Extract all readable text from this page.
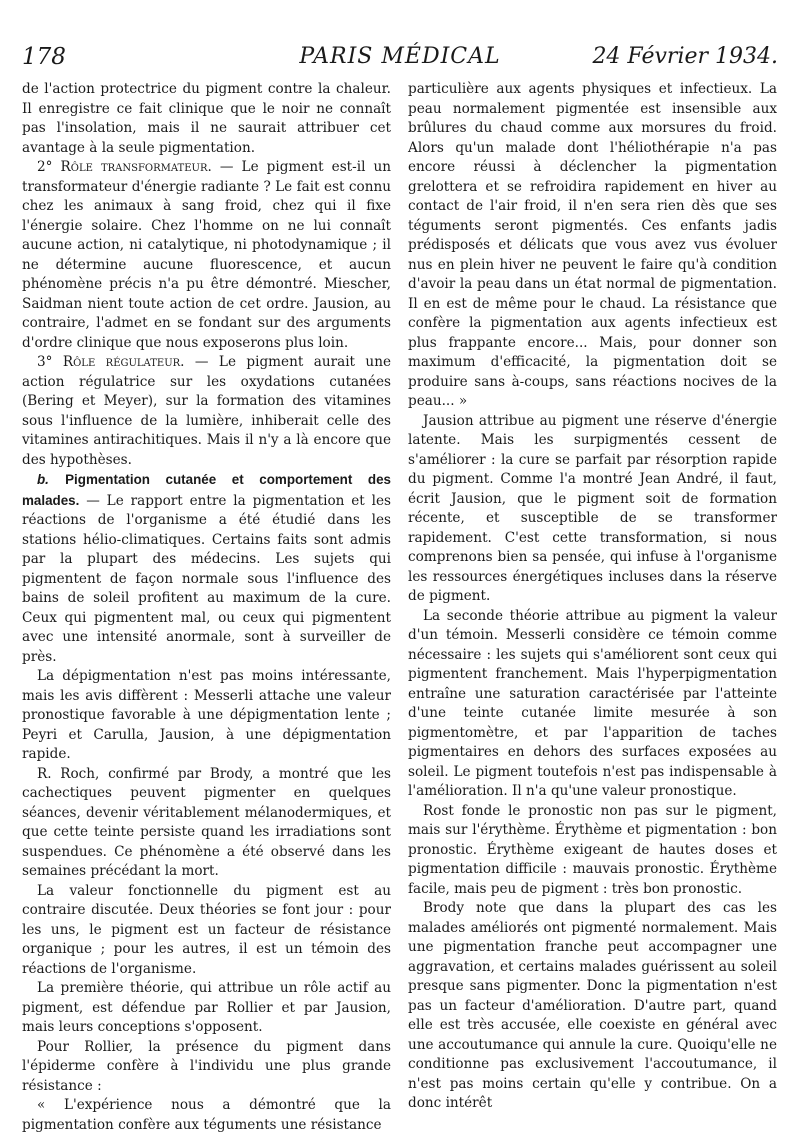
178	PARIS MÉDICAL	24 Février 1934.

de l'action protectrice du pigment contre la chaleur. Il enregistre ce fait clinique que le noir ne connaît pas l'insolation, mais il ne saurait attribuer cet avantage à la seule pigmentation.

2° Rôle transformateur. — Le pigment est-il un transformateur d'énergie radiante ? Le fait est connu chez les animaux à sang froid, chez qui il fixe l'énergie solaire. Chez l'homme on ne lui connaît aucune action, ni catalytique, ni photodynamique ; il ne détermine aucune fluorescence, et aucun phénomène précis n'a pu être démontré. Miescher, Saidman nient toute action de cet ordre. Jausion, au contraire, l'admet en se fondant sur des arguments d'ordre clinique que nous exposerons plus loin.

3° Rôle régulateur. — Le pigment aurait une action régulatrice sur les oxydations cutanées (Bering et Meyer), sur la formation des vitamines sous l'influence de la lumière, inhiberait celle des vitamines antirachitiques. Mais il n'y a là encore que des hypothèses.

b. Pigmentation cutanée et comportement des malades. — Le rapport entre la pigmentation et les réactions de l'organisme a été étudié dans les stations hélio-climatiques. Certains faits sont admis par la plupart des médecins. Les sujets qui pigmentent de façon normale sous l'influence des bains de soleil profitent au maximum de la cure. Ceux qui pigmentent mal, ou ceux qui pigmentent avec une intensité anormale, sont à surveiller de près.

La dépigmentation n'est pas moins intéressante, mais les avis diffèrent : Messerli attache une valeur pronostique favorable à une dépigmentation lente ; Peyri et Carulla, Jausion, à une dépigmentation rapide.

R. Roch, confirmé par Brody, a montré que les cachectiques peuvent pigmenter en quelques séances, devenir véritablement mélanodermiques, et que cette teinte persiste quand les irradiations sont suspendues. Ce phénomène a été observé dans les semaines précédant la mort.

La valeur fonctionnelle du pigment est au contraire discutée. Deux théories se font jour : pour les uns, le pigment est un facteur de résistance organique ; pour les autres, il est un témoin des réactions de l'organisme.

La première théorie, qui attribue un rôle actif au pigment, est défendue par Rollier et par Jausion, mais leurs conceptions s'opposent.

Pour Rollier, la présence du pigment dans l'épiderme confère à l'individu une plus grande résistance :

« L'expérience nous a démontré que la pigmentation confère aux téguments une résistance

particulière aux agents physiques et infectieux. La peau normalement pigmentée est insensible aux brûlures du chaud comme aux morsures du froid. Alors qu'un malade dont l'héliothérapie n'a pas encore réussi à déclencher la pigmentation grelottera et se refroidira rapidement en hiver au contact de l'air froid, il n'en sera rien dès que ses téguments seront pigmentés. Ces enfants jadis prédisposés et délicats que vous avez vus évoluer nus en plein hiver ne peuvent le faire qu'à condition d'avoir la peau dans un état normal de pigmentation. Il en est de même pour le chaud. La résistance que confère la pigmentation aux agents infectieux est plus frappante encore... Mais, pour donner son maximum d'efficacité, la pigmentation doit se produire sans à-coups, sans réactions nocives de la peau... »

Jausion attribue au pigment une réserve d'énergie latente. Mais les surpigmentés cessent de s'améliorer : la cure se parfait par résorption rapide du pigment. Comme l'a montré Jean André, il faut, écrit Jausion, que le pigment soit de formation récente, et susceptible de se transformer rapidement. C'est cette transformation, si nous comprenons bien sa pensée, qui infuse à l'organisme les ressources énergétiques incluses dans la réserve de pigment.

La seconde théorie attribue au pigment la valeur d'un témoin. Messerli considère ce témoin comme nécessaire : les sujets qui s'améliorent sont ceux qui pigmentent franchement. Mais l'hyperpigmentation entraîne une saturation caractérisée par l'atteinte d'une teinte cutanée limite mesurée à son pigmentomètre, et par l'apparition de taches pigmentaires en dehors des surfaces exposées au soleil. Le pigment toutefois n'est pas indispensable à l'amélioration. Il n'a qu'une valeur pronostique.

Rost fonde le pronostic non pas sur le pigment, mais sur l'érythème. Érythème et pigmentation : bon pronostic. Érythème exigeant de hautes doses et pigmentation difficile : mauvais pronostic. Érythème facile, mais peu de pigment : très bon pronostic.

Brody note que dans la plupart des cas les malades améliorés ont pigmenté normalement. Mais une pigmentation franche peut accompagner une aggravation, et certains malades guérissent au soleil presque sans pigmenter. Donc la pigmentation n'est pas un facteur d'amélioration. D'autre part, quand elle est très accusée, elle coexiste en général avec une accoutumance qui annule la cure. Quoiqu'elle ne conditionne pas exclusivement l'accoutumance, il n'est pas moins certain qu'elle y contribue. On a donc intérêt
